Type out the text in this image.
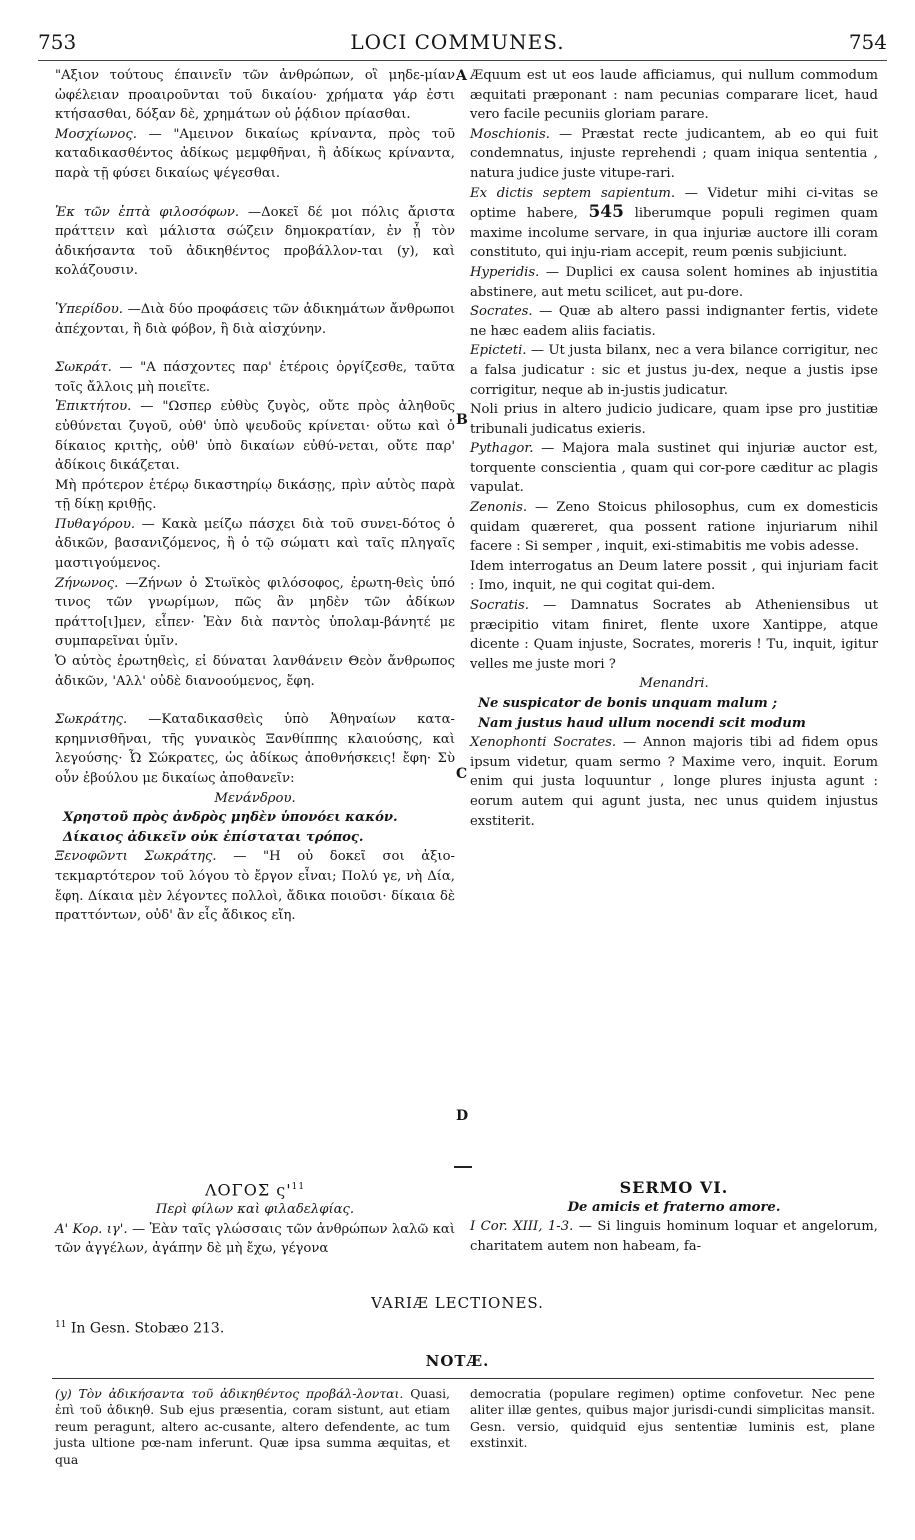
753	LOCI COMMUNES.	754
A
B
C
D

"Αξιον τούτους έπαινεῖν τῶν ἀνθρώπων, οἳ μηδε-μίαν ὠφέλειαν προαιροῦνται τοῦ δικαίου· χρήματα γάρ ἐστι κτήσασθαι, δόξαν δὲ, χρημάτων οὐ ῥᾴδιον πρίασθαι.

Μοσχίωνος. — "Αμεινον δικαίως κρίναντα, πρὸς τοῦ καταδικασθέντος ἀδίκως μεμφθῆναι, ἢ ἀδίκως κρίναντα, παρὰ τῇ φύσει δικαίως ψέγεσθαι.

Ἐκ τῶν ἑπτὰ φιλοσόφων. —Δοκεῖ δέ μοι πόλις ἄριστα πράττειν καὶ μάλιστα σώζειν δημοκρατίαν, ἐν ᾗ τὸν ἀδικήσαντα τοῦ ἀδικηθέντος προβάλλον-ται (y), καὶ κολάζουσιν.

Ὑπερίδου. —Διὰ δύο προφάσεις τῶν ἀδικημάτων ἄνθρωποι ἀπέχονται, ἢ διὰ φόβον, ἢ διὰ αἰσχύνην.

Σωκράτ. — "Α πάσχοντες παρ' ἑτέροις ὀργίζεσθε, ταῦτα τοῖς ἄλλοις μὴ ποιεῖτε.

Ἐπικτήτου. — "Ωσπερ εὐθὺς ζυγὸς, οὔτε πρὸς ἀληθοῦς εὐθύνεται ζυγοῦ, οὐθ' ὑπὸ ψευδοῦς κρίνεται· οὕτω καὶ ὁ δίκαιος κριτὴς, οὐθ' ὑπὸ δικαίων εὐθύ-νεται, οὔτε παρ' ἀδίκοις δικάζεται.

Μὴ πρότερον ἑτέρῳ δικαστηρίῳ δικάσῃς, πρὶν αὐτὸς παρὰ τῇ δίκῃ κριθῇς.

Πυθαγόρου. — Κακὰ μείζω πάσχει διὰ τοῦ συνει-δότος ὁ ἀδικῶν, βασανιζόμενος, ἢ ὁ τῷ σώματι καὶ ταῖς πληγαῖς μαστιγούμενος.

Ζήνωνος. —Ζήνων ὁ Στωϊκὸς φιλόσοφος, ἐρωτη-θεὶς ὑπό τινος τῶν γνωρίμων, πῶς ἂν μηδὲν τῶν ἀδίκων πράττο[ι]μεν, εἶπεν· Ἐὰν διὰ παντὸς ὑπολαμ-βάνητέ με συμπαρεῖναι ὑμῖν.

Ὁ αὐτὸς ἐρωτηθεὶς, εἰ δύναται λανθάνειν Θεὸν ἄνθρωπος ἀδικῶν, 'Αλλ' οὐδὲ διανοούμενος, ἔφη.

Σωκράτης. —Καταδικασθεὶς ὑπὸ Ἀθηναίων κατα-κρημνισθῆναι, τῆς γυναικὸς Ξανθίππης κλαιούσης, καὶ λεγούσης· Ὦ Σώκρατες, ὡς ἀδίκως ἀποθνήσκεις! ἔφη· Σὺ οὖν ἐβούλου με δικαίως ἀποθανεῖν:

Μενάνδρου.
Χρηστοῦ πρὸς ἀνδρὸς μηδὲν ὑπονόει κακόν.
Δίκαιος ἀδικεῖν οὐκ ἐπίσταται τρόπος.

Ξενοφῶντι Σωκράτης. — "Η οὐ δοκεῖ σοι ἀξιο-τεκμαρτότερον τοῦ λόγου τὸ ἔργον εἶναι; Πολύ γε, νὴ Δία, ἔφη. Δίκαια μὲν λέγοντες πολλοὶ, ἄδικα ποιοῦσι· δίκαια δὲ πραττόντων, οὐδ' ἂν εἷς ἄδικος εἴη.

Æquum est ut eos laude afficiamus, qui nullum commodum æquitati præponant : nam pecunias comparare licet, haud vero facile pecuniis gloriam parare.

Moschionis. — Præstat recte judicantem, ab eo qui fuit condemnatus, injuste reprehendi ; quam iniqua sententia , natura judice juste vitupe-rari.

Ex dictis septem sapientum. — Videtur mihi ci-vitas se optime habere, 545 liberumque populi regimen quam maxime incolume servare, in qua injuriæ auctore illi coram constituto, qui inju-riam accepit, reum pœnis subjiciunt.

Hyperidis. — Duplici ex causa solent homines ab injustitia abstinere, aut metu scilicet, aut pu-dore.

Socrates. — Quæ ab altero passi indignanter fertis, videte ne hæc eadem aliis faciatis.

Epicteti. — Ut justa bilanx, nec a vera bilance corrigitur, nec a falsa judicatur : sic et justus ju-dex, neque a justis ipse corrigitur, neque ab in-justis judicatur.

Noli prius in altero judicio judicare, quam ipse pro justitiæ tribunali judicatus exieris.

Pythagor. — Majora mala sustinet qui injuriæ auctor est, torquente conscientia , quam qui cor-pore cæditur ac plagis vapulat.

Zenonis. — Zeno Stoicus philosophus, cum ex domesticis quidam quæreret, qua possent ratione injuriarum nihil facere : Si semper , inquit, exi-stimabitis me vobis adesse.

Idem interrogatus an Deum latere possit , qui injuriam facit : Imo, inquit, ne qui cogitat qui-dem.

Socratis. — Damnatus Socrates ab Atheniensibus ut præcipitio vitam finiret, flente uxore Xantippe, atque dicente : Quam injuste, Socrates, moreris ! Tu, inquit, igitur velles me juste mori ?

Menandri.
Ne suspicator de bonis unquam malum ;
Nam justus haud ullum nocendi scit modum

Xenophonti Socrates. — Annon majoris tibi ad fidem opus ipsum videtur, quam sermo ? Maxime vero, inquit. Eorum enim qui justa loquuntur , longe plures injusta agunt : eorum autem qui agunt justa, nec unus quidem injustus exstiterit.

ΛΟΓΟΣ $\varsigma'^{11}$
Περὶ φίλων καὶ φιλαδελφίας.

Α' Κορ. ιγ'. — Ἐὰν ταῖς γλώσσαις τῶν ἀνθρώπων λαλῶ καὶ τῶν ἀγγέλων, ἀγάπην δὲ μὴ ἔχω, γέγονα

SERMO VI.
De amicis et fraterno amore.

I Cor. XIII, 1-3. — Si linguis hominum loquar et angelorum, charitatem autem non habeam, fa-

VARIÆ LECTIONES.
$^{11}$ In Gesn. Stobæo 213.
NOTÆ.
(y) Τὸν ἀδικήσαντα τοῦ ἀδικηθέντος προβάλ-λονται. Quasi, ἐπὶ τοῦ ἀδικηθ. Sub ejus præsentia, coram sistunt, aut etiam reum peragunt, altero ac-cusante, altero defendente, ac tum justa ultione pœ-nam inferunt. Quæ ipsa summa æquitas, et qua
democratia (populare regimen) optime confovetur. Nec pene aliter illæ gentes, quibus major jurisdi-cundi simplicitas mansit. Gesn. versio, quidquid ejus sententiæ luminis est, plane exstinxit.
